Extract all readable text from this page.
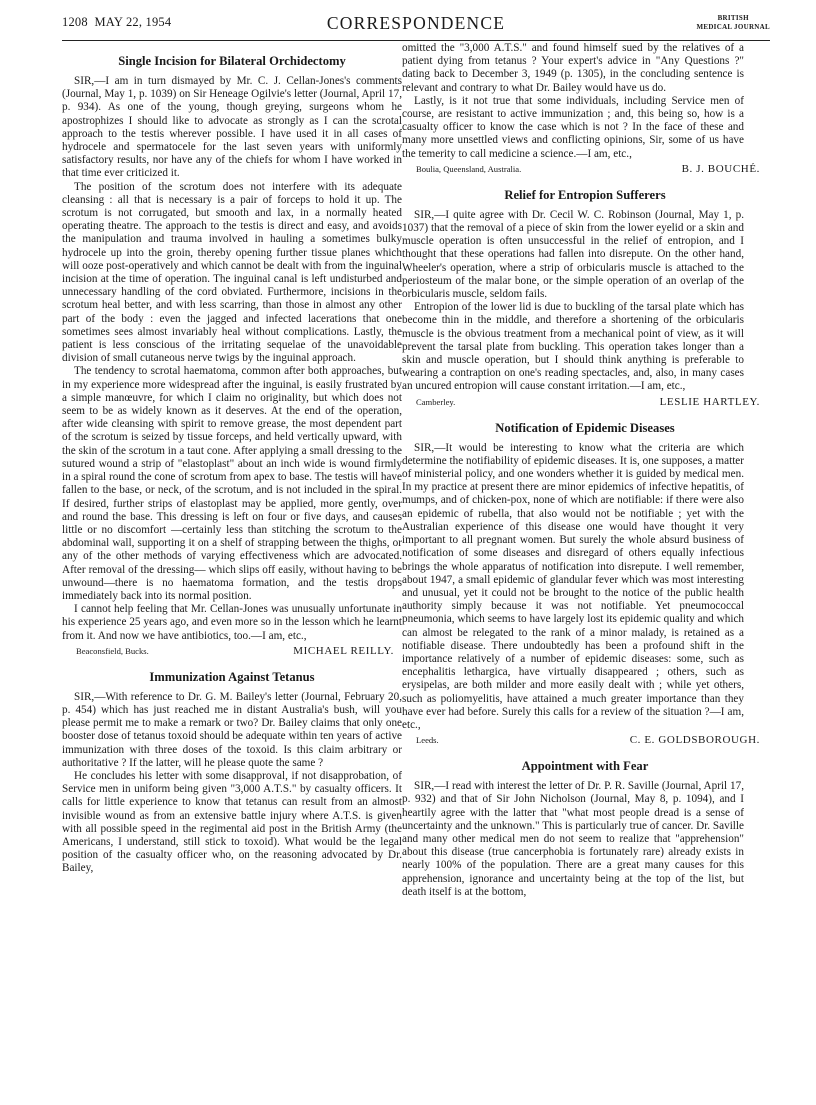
1208 MAY 22, 1954	CORRESPONDENCE	BRITISH
MEDICAL JOURNAL
Single Incision for Bilateral Orchidectomy

SIR,—I am in turn dismayed by Mr. C. J. Cellan-Jones's comments (Journal, May 1, p. 1039) on Sir Heneage Ogilvie's letter (Journal, April 17, p. 934). As one of the young, though greying, surgeons whom he apostrophizes I should like to advocate as strongly as I can the scrotal approach to the testis wherever possible. I have used it in all cases of hydrocele and spermatocele for the last seven years with uniformly satisfactory results, nor have any of the chiefs for whom I have worked in that time ever criticized it.

The position of the scrotum does not interfere with its adequate cleansing : all that is necessary is a pair of forceps to hold it up. The scrotum is not corrugated, but smooth and lax, in a normally heated operating theatre. The approach to the testis is direct and easy, and avoids the manipulation and trauma involved in hauling a sometimes bulky hydrocele up into the groin, thereby opening further tissue planes which will ooze post-operatively and which cannot be dealt with from the inguinal incision at the time of operation. The inguinal canal is left undisturbed and unnecessary handling of the cord obviated. Furthermore, incisions in the scrotum heal better, and with less scarring, than those in almost any other part of the body : even the jagged and infected lacerations that one sometimes sees almost invariably heal without complications. Lastly, the patient is less conscious of the irritating sequelae of the unavoidable division of small cutaneous nerve twigs by the inguinal approach.

The tendency to scrotal haematoma, common after both approaches, but in my experience more widespread after the inguinal, is easily frustrated by a simple manœuvre, for which I claim no originality, but which does not seem to be as widely known as it deserves. At the end of the operation, after wide cleansing with spirit to remove grease, the most dependent part of the scrotum is seized by tissue forceps, and held vertically upward, with the skin of the scrotum in a taut cone. After applying a small dressing to the sutured wound a strip of "elastoplast" about an inch wide is wound firmly in a spiral round the cone of scrotum from apex to base. The testis will have fallen to the base, or neck, of the scrotum, and is not included in the spiral. If desired, further strips of elastoplast may be applied, more gently, over and round the base. This dressing is left on four or five days, and causes little or no discomfort —certainly less than stitching the scrotum to the abdominal wall, supporting it on a shelf of strapping between the thighs, or any of the other methods of varying effectiveness which are advocated. After removal of the dressing— which slips off easily, without having to be unwound—there is no haematoma formation, and the testis drops immediately back into its normal position.

I cannot help feeling that Mr. Cellan-Jones was unusually unfortunate in his experience 25 years ago, and even more so in the lesson which he learnt from it. And now we have antibiotics, too.—I am, etc.,

Beaconsfield, Bucks.	MICHAEL REILLY.
Immunization Against Tetanus

SIR,—With reference to Dr. G. M. Bailey's letter (Journal, February 20, p. 454) which has just reached me in distant Australia's bush, will you please permit me to make a remark or two? Dr. Bailey claims that only one booster dose of tetanus toxoid should be adequate within ten years of active immunization with three doses of the toxoid. Is this claim arbitrary or authoritative ? If the latter, will he please quote the same ?

He concludes his letter with some disapproval, if not disapprobation, of Service men in uniform being given "3,000 A.T.S." by casualty officers. It calls for little experience to know that tetanus can result from an almost invisible wound as from an extensive battle injury where A.T.S. is given with all possible speed in the regimental aid post in the British Army (the Americans, I understand, still stick to toxoid). What would be the legal position of the casualty officer who, on the reasoning advocated by Dr. Bailey,

omitted the "3,000 A.T.S." and found himself sued by the relatives of a patient dying from tetanus ? Your expert's advice in "Any Questions ?" dating back to December 3, 1949 (p. 1305), in the concluding sentence is relevant and contrary to what Dr. Bailey would have us do.

Lastly, is it not true that some individuals, including Service men of course, are resistant to active immunization ; and, this being so, how is a casualty officer to know the case which is not ? In the face of these and many more unsettled views and conflicting opinions, Sir, some of us have the temerity to call medicine a science.—I am, etc.,

Boulia, Queensland, Australia.	B. J. BOUCHÉ.
Relief for Entropion Sufferers

SIR,—I quite agree with Dr. Cecil W. C. Robinson (Journal, May 1, p. 1037) that the removal of a piece of skin from the lower eyelid or a skin and muscle operation is often unsuccessful in the relief of entropion, and I thought that these operations had fallen into disrepute. On the other hand, Wheeler's operation, where a strip of orbicularis muscle is attached to the periosteum of the malar bone, or the simple operation of an overlap of the orbicularis muscle, seldom fails.

Entropion of the lower lid is due to buckling of the tarsal plate which has become thin in the middle, and therefore a shortening of the orbicularis muscle is the obvious treatment from a mechanical point of view, as it will prevent the tarsal plate from buckling. This operation takes longer than a skin and muscle operation, but I should think anything is preferable to wearing a contraption on one's reading spectacles, and, also, in many cases an uncured entropion will cause constant irritation.—I am, etc.,

Camberley.	LESLIE HARTLEY.
Notification of Epidemic Diseases

SIR,—It would be interesting to know what the criteria are which determine the notifiability of epidemic diseases. It is, one supposes, a matter of ministerial policy, and one wonders whether it is guided by medical men. In my practice at present there are minor epidemics of infective hepatitis, of mumps, and of chicken-pox, none of which are notifiable: if there were also an epidemic of rubella, that also would not be notifiable ; yet with the Australian experience of this disease one would have thought it very important to all pregnant women. But surely the whole absurd business of notification of some diseases and disregard of others equally infectious brings the whole apparatus of notification into disrepute. I well remember, about 1947, a small epidemic of glandular fever which was most interesting and unusual, yet it could not be brought to the notice of the public health authority simply because it was not notifiable. Yet pneumococcal pneumonia, which seems to have largely lost its epidemic quality and which can almost be relegated to the rank of a minor malady, is retained as a notifiable disease. There undoubtedly has been a profound shift in the importance relatively of a number of epidemic diseases: some, such as encephalitis lethargica, have virtually disappeared ; others, such as erysipelas, are both milder and more easily dealt with ; while yet others, such as poliomyelitis, have attained a much greater importance than they have ever had before. Surely this calls for a review of the situation ?—I am, etc.,

Leeds.	C. E. GOLDSBOROUGH.
Appointment with Fear

SIR,—I read with interest the letter of Dr. P. R. Saville (Journal, April 17, p. 932) and that of Sir John Nicholson (Journal, May 8, p. 1094), and I heartily agree with the latter that "what most people dread is a sense of uncertainty and the unknown." This is particularly true of cancer. Dr. Saville and many other medical men do not seem to realize that "apprehension" about this disease (true cancerphobia is fortunately rare) already exists in nearly 100% of the population. There are a great many causes for this apprehension, ignorance and uncertainty being at the top of the list, but death itself is at the bottom,
